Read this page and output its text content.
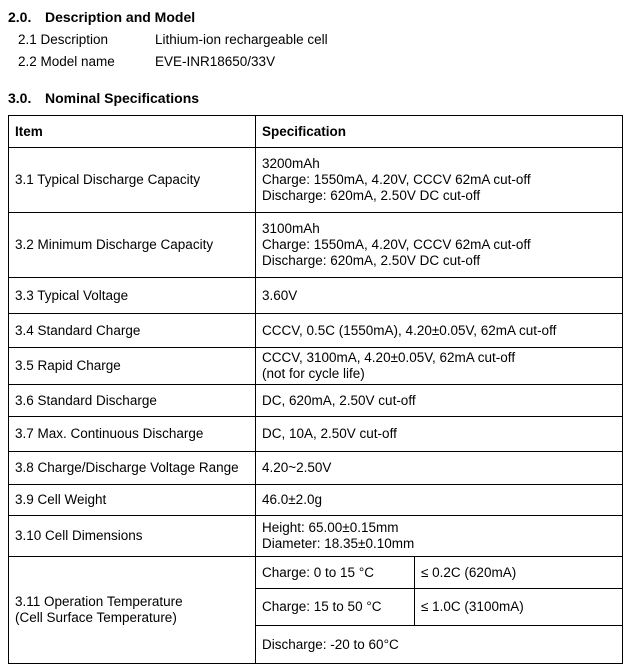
2.0. Description and Model
2.1 Description	Lithium-ion rechargeable cell
2.2 Model name	EVE-INR18650/33V
3.0. Nominal Specifications
Item	Specification	
3.1 Typical Discharge Capacity	3200mAh
Charge: 1550mA, 4.20V, CCCV 62mA cut-off
Discharge: 620mA, 2.50V DC cut-off	

3.2 Minimum Discharge Capacity	3100mAh
Charge: 1550mA, 4.20V, CCCV 62mA cut-off
Discharge: 620mA, 2.50V DC cut-off	

3.3 Typical Voltage	3.60V	
3.4 Standard Charge	CCCV, 0.5C (1550mA), 4.20±0.05V, 62mA cut-off	
3.5 Rapid Charge	CCCV, 3100mA, 4.20±0.05V, 62mA cut-off
(not for cycle life)	

3.6 Standard Discharge	DC, 620mA, 2.50V cut-off	
3.7 Max. Continuous Discharge	DC, 10A, 2.50V cut-off	
3.8 Charge/Discharge Voltage Range	4.20~2.50V	
3.9 Cell Weight	46.0±2.0g	
3.10 Cell Dimensions	Height: 65.00±0.15mm
Diameter: 18.35±0.10mm	

3.11 Operation Temperature
(Cell Surface Temperature)	Charge: 0 to 15 °C	≤ 0.2C (620mA)
	Charge: 15 to 50 °C	≤ 1.0C (3100mA)
	Discharge: -20 to 60°C	
